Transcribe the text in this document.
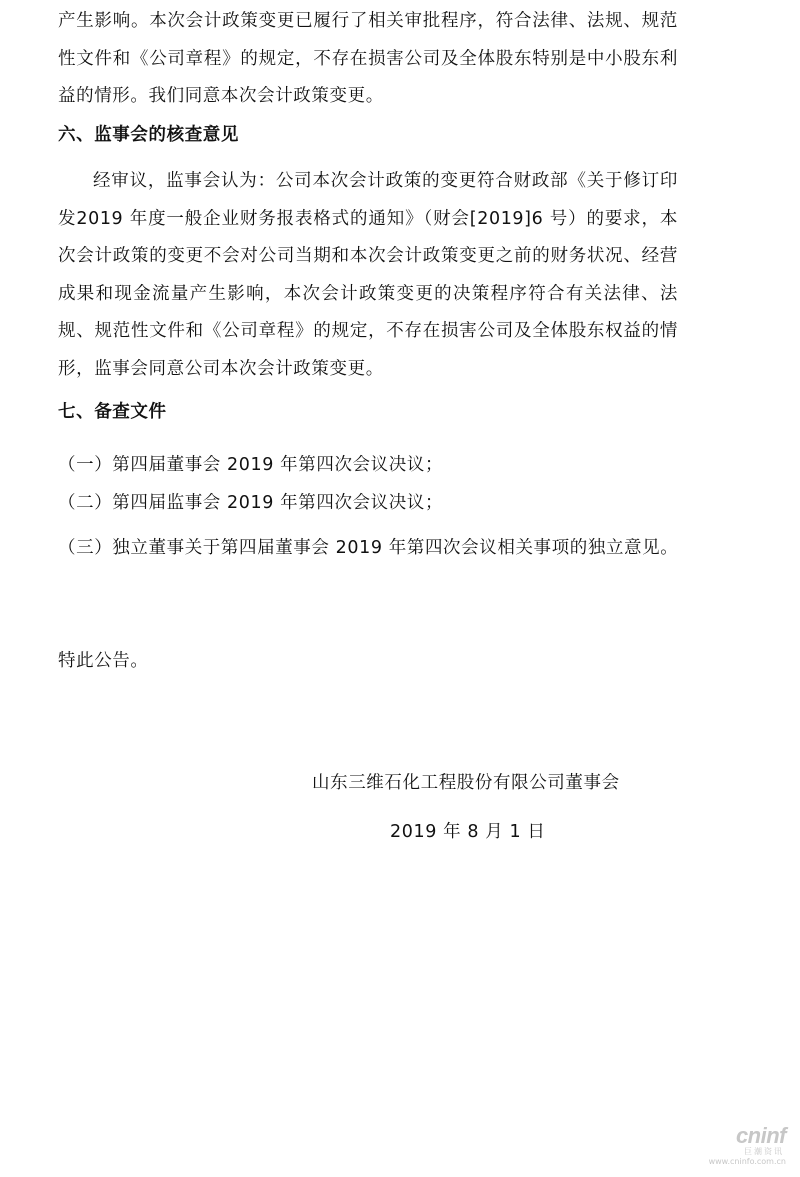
产生影响。本次会计政策变更已履行了相关审批程序，符合法律、法规、规范性文件和《公司章程》的规定，不存在损害公司及全体股东特别是中小股东利益的情形。我们同意本次会计政策变更。

六、监事会的核查意见

经审议，监事会认为：公司本次会计政策的变更符合财政部《关于修订印发2019 年度一般企业财务报表格式的通知》（财会[2019]6 号）的要求，本次会计政策的变更不会对公司当期和本次会计政策变更之前的财务状况、经营成果和现金流量产生影响，本次会计政策变更的决策程序符合有关法律、法规、规范性文件和《公司章程》的规定，不存在损害公司及全体股东权益的情形，监事会同意公司本次会计政策变更。

七、备查文件

（一）第四届董事会 2019 年第四次会议决议；

（二）第四届监事会 2019 年第四次会议决议；

（三）独立董事关于第四届董事会 2019 年第四次会议相关事项的独立意见。

特此公告。

山东三维石化工程股份有限公司董事会

2019 年 8 月 1 日

cninf
巨潮资讯
www.cninfo.com.cn
